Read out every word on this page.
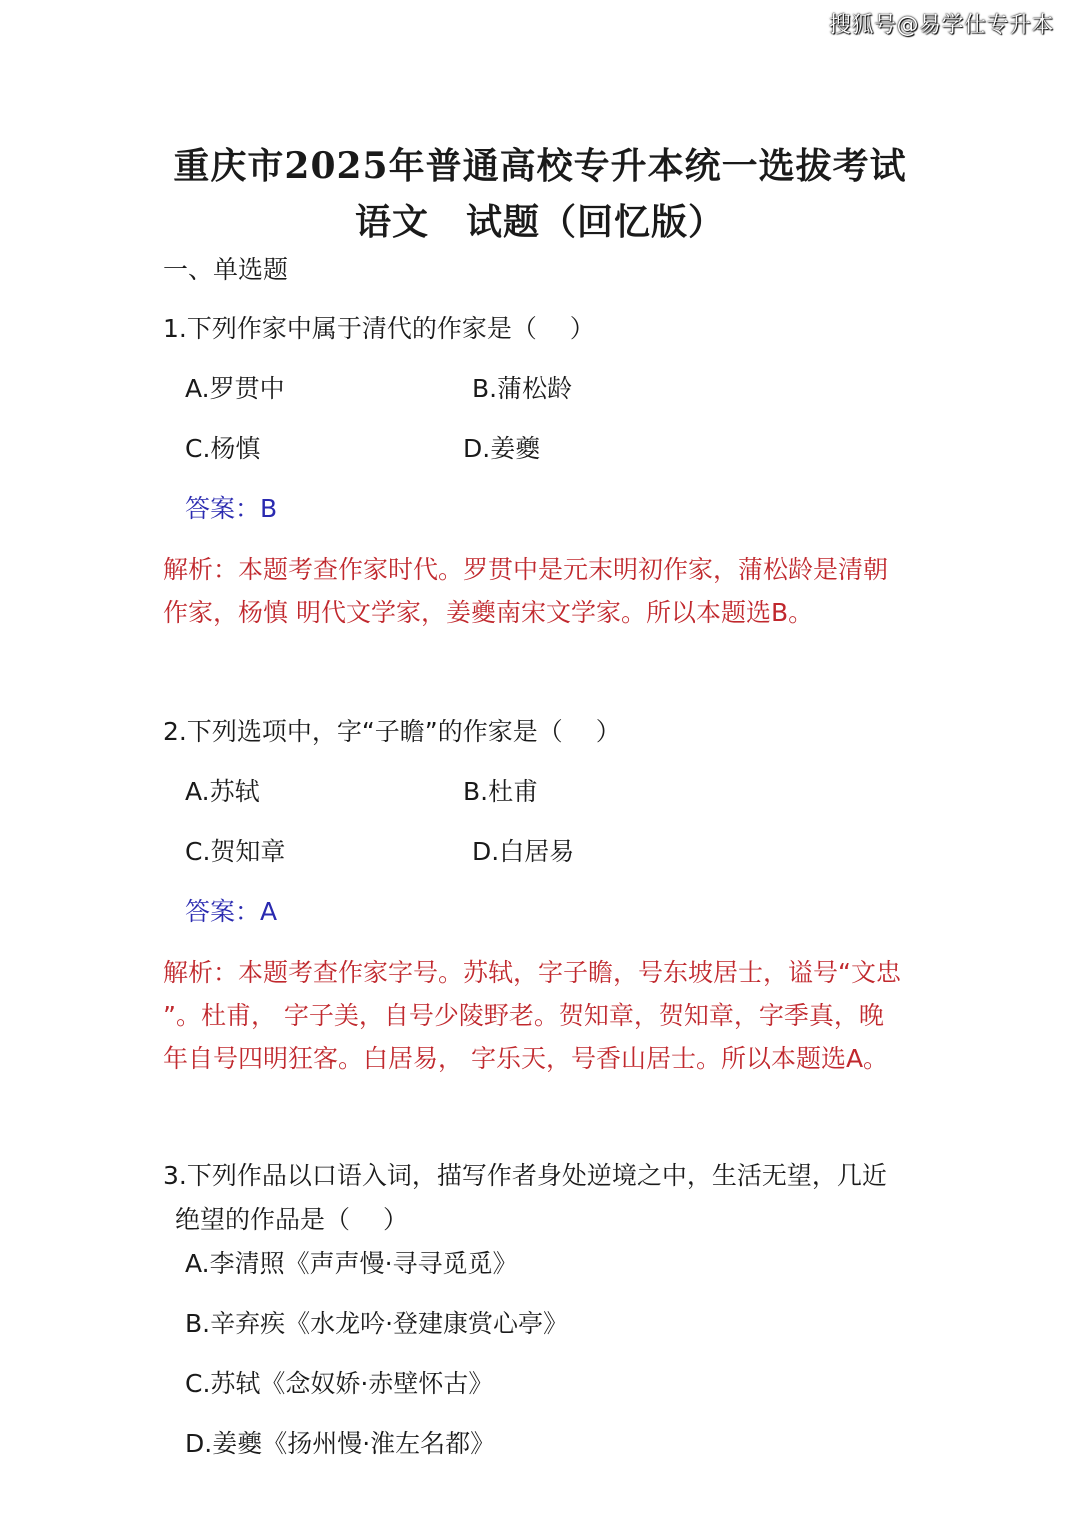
搜狐号@易学仕专升本
重庆市2025年普通高校专升本统一选拔考试
语文　试题（回忆版）
一、单选题
1.下列作家中属于清代的作家是（　 ）
A.罗贯中	B.蒲松龄
C.杨慎	D.姜夔
答案：B
解析：本题考查作家时代。罗贯中是元末明初作家，蒲松龄是清朝
作家，杨慎 明代文学家，姜夔南宋文学家。所以本题选B。
2.下列选项中，字“子瞻”的作家是（　 ）
A.苏轼	B.杜甫
C.贺知章	D.白居易
答案：A
解析：本题考查作家字号。苏轼，字子瞻，号东坡居士，谥号“文忠
”。杜甫， 字子美，自号少陵野老。贺知章，贺知章，字季真，晚
年自号四明狂客。白居易， 字乐天，号香山居士。所以本题选A。
3.下列作品以口语入词，描写作者身处逆境之中，生活无望，几近
绝望的作品是（　 ）
A.李清照《声声慢·寻寻觅觅》
B.辛弃疾《水龙吟·登建康赏心亭》
C.苏轼《念奴娇·赤壁怀古》
D.姜夔《扬州慢·淮左名都》
